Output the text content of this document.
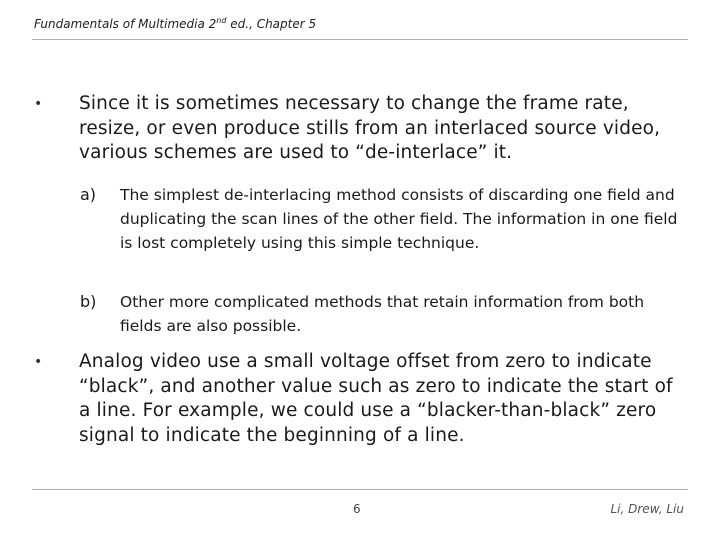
Fundamentals of Multimedia 2nd ed., Chapter 5
• Since it is sometimes necessary to change the frame rate, resize, or even produce stills from an interlaced source video, various schemes are used to “de-interlace” it.
a) The simplest de-interlacing method consists of discarding one field and duplicating the scan lines of the other field. The information in one field is lost completely using this simple technique.
b) Other more complicated methods that retain information from both fields are also possible.
• Analog video use a small voltage offset from zero to indicate “black”, and another value such as zero to indicate the start of a line. For example, we could use a “blacker-than-black” zero signal to indicate the beginning of a line.
6	Li, Drew, Liu
